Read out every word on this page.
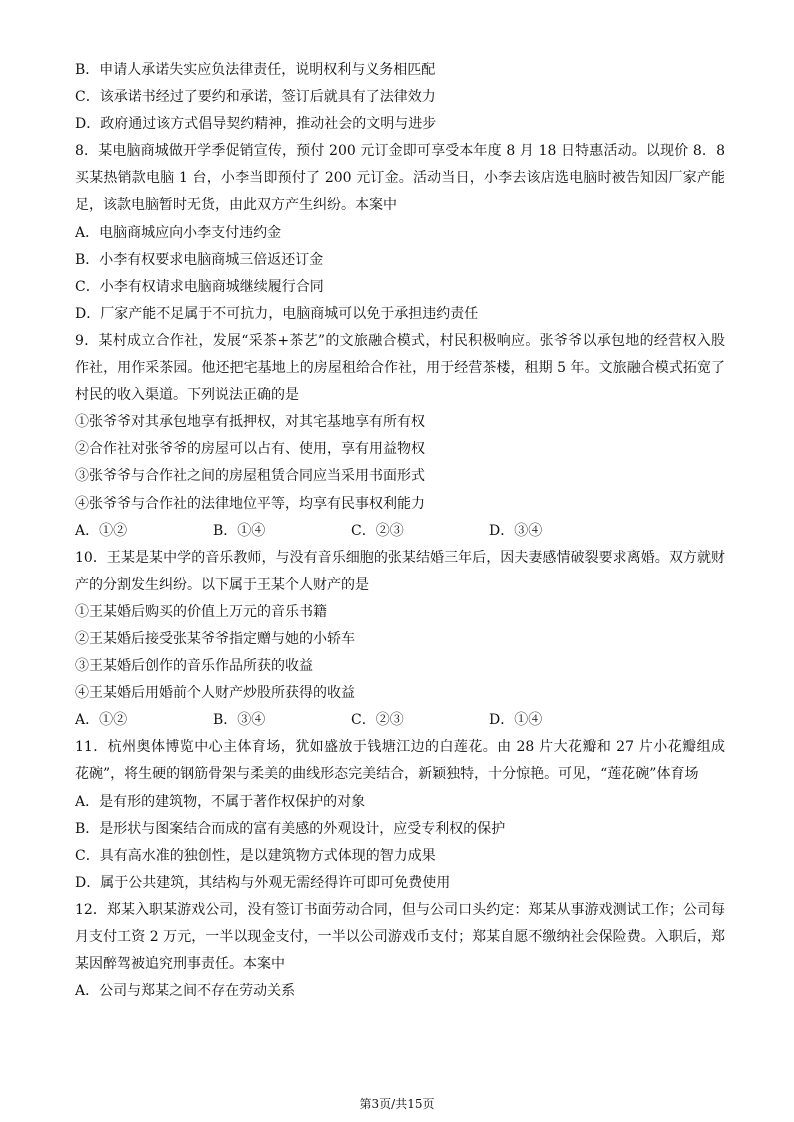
B．申请人承诺失实应负法律责任，说明权利与义务相匹配
C．该承诺书经过了要约和承诺，签订后就具有了法律效力
D．政府通过该方式倡导契约精神，推动社会的文明与进步
8．某电脑商城做开学季促销宣传，预付 200 元订金即可享受本年度 8 月 18 日特惠活动。以现价 8．8
买某热销款电脑 1 台，小李当即预付了 200 元订金。活动当日，小李去该店选电脑时被告知因厂家产能
足，该款电脑暂时无货，由此双方产生纠纷。本案中
A．电脑商城应向小李支付违约金
B．小李有权要求电脑商城三倍返还订金
C．小李有权请求电脑商城继续履行合同
D．厂家产能不足属于不可抗力，电脑商城可以免于承担违约责任
9．某村成立合作社，发展“采茶+茶艺”的文旅融合模式，村民积极响应。张爷爷以承包地的经营权入股
作社，用作采茶园。他还把宅基地上的房屋租给合作社，用于经营茶楼，租期 5 年。文旅融合模式拓宽了
村民的收入渠道。下列说法正确的是
①张爷爷对其承包地享有抵押权，对其宅基地享有所有权
②合作社对张爷爷的房屋可以占有、使用，享有用益物权
③张爷爷与合作社之间的房屋租赁合同应当采用书面形式
④张爷爷与合作社的法律地位平等，均享有民事权利能力
A．①②	B．①④	C．②③	D．③④
10．王某是某中学的音乐教师，与没有音乐细胞的张某结婚三年后，因夫妻感情破裂要求离婚。双方就财
产的分割发生纠纷。以下属于王某个人财产的是
①王某婚后购买的价值上万元的音乐书籍
②王某婚后接受张某爷爷指定赠与她的小轿车
③王某婚后创作的音乐作品所获的收益
④王某婚后用婚前个人财产炒股所获得的收益
A．①②	B．③④	C．②③	D．①④
11．杭州奥体博览中心主体育场，犹如盛放于钱塘江边的白莲花。由 28 片大花瓣和 27 片小花瓣组成
花碗”，将生硬的钢筋骨架与柔美的曲线形态完美结合，新颖独特，十分惊艳。可见，“莲花碗”体育场
A．是有形的建筑物，不属于著作权保护的对象
B．是形状与图案结合而成的富有美感的外观设计，应受专利权的保护
C．具有高水准的独创性，是以建筑物方式体现的智力成果
D．属于公共建筑，其结构与外观无需经得许可即可免费使用
12．郑某入职某游戏公司，没有签订书面劳动合同，但与公司口头约定：郑某从事游戏测试工作；公司每
月支付工资 2 万元，一半以现金支付，一半以公司游戏币支付；郑某自愿不缴纳社会保险费。入职后，郑
某因醉驾被追究刑事责任。本案中
A．公司与郑某之间不存在劳动关系
第3页/共15页
